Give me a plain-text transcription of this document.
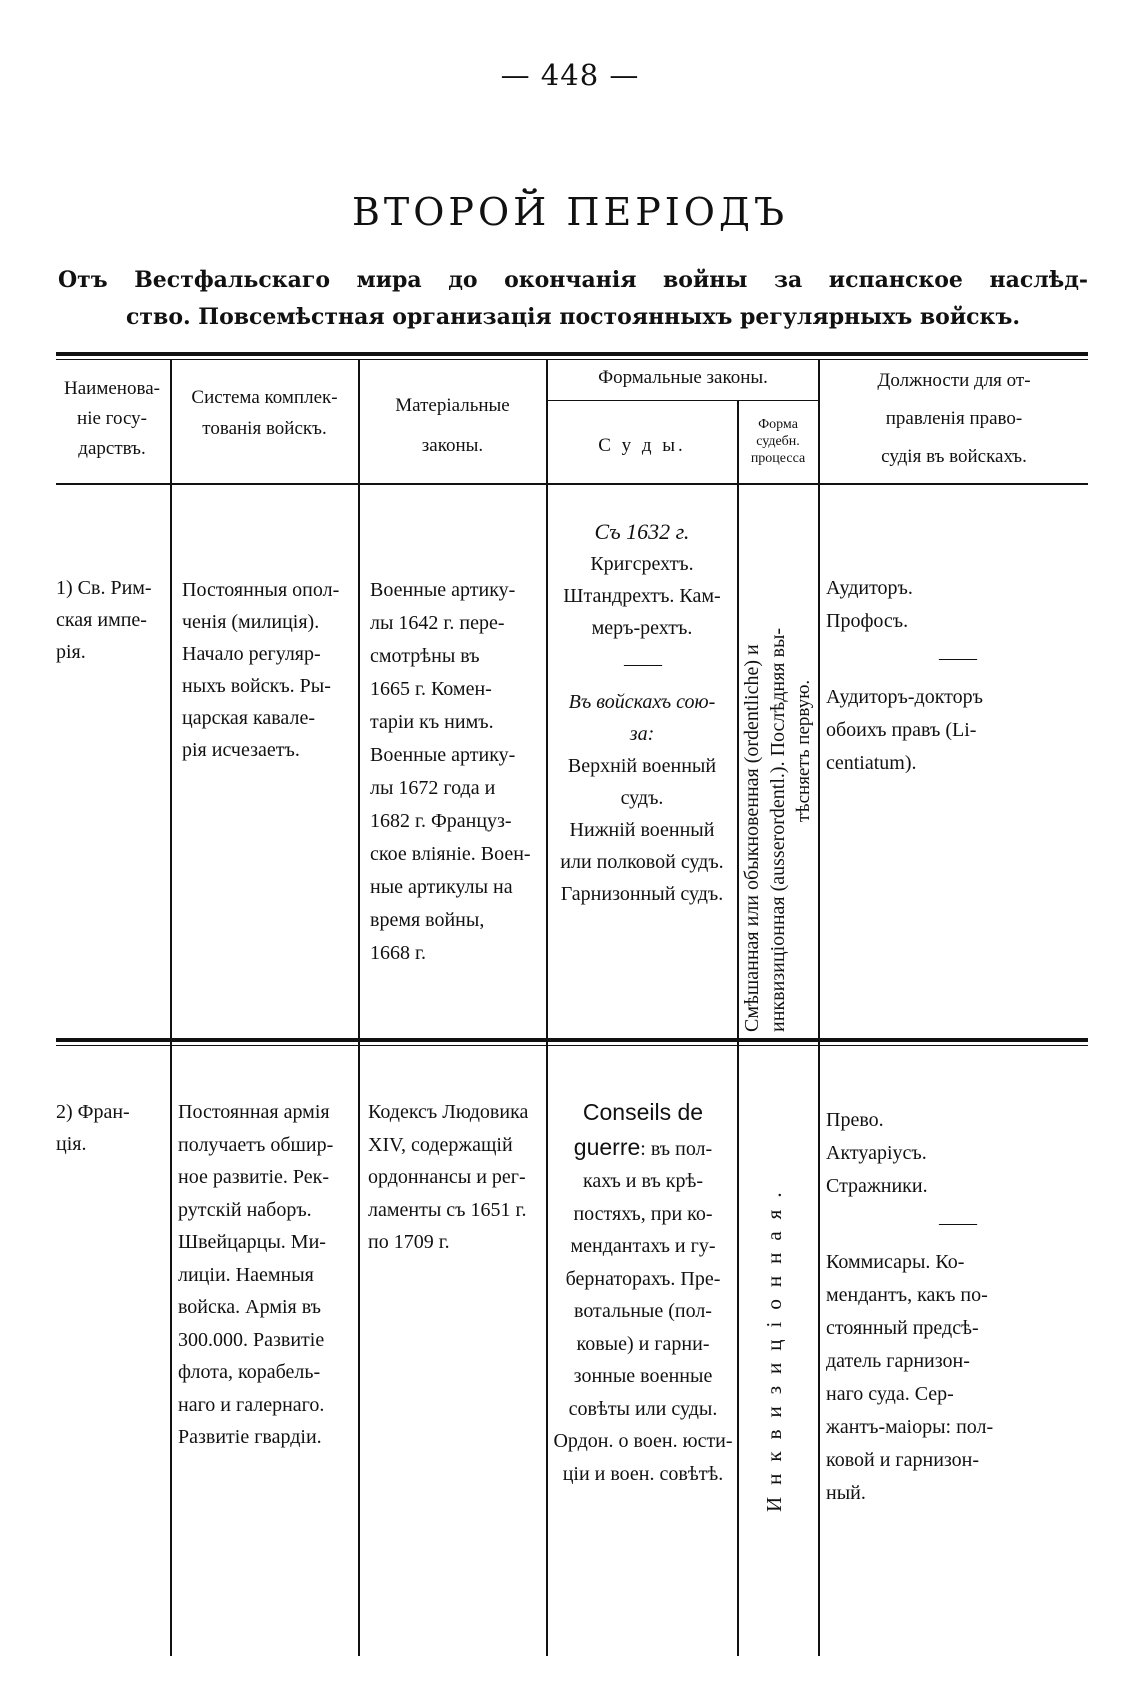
— 448 —
ВТОРОЙ ПЕРІОДЪ
Отъ Вестфальскаго мира до окончанія войны за испанское наслѣд-
ство. Повсемѣстная организація постоянныхъ регулярныхъ войскъ.
Наименова-
ніе госу-
дарствъ.
Система комплек-
тованія войскъ.
Матеріальные
законы.
Формальные законы.
С у д ы.
Форма
судебн.
процесса
Должности для от-
правленія право-
судія въ войскахъ.
1) Св. Рим-
ская импе-
рія.
Постоянныя опол-
ченія (милиція).
Начало регуляр-
ныхъ войскъ. Ры-
царская кавале-
рія исчезаетъ.
Военные артику-
лы 1642 г. пере-
смотрѣны въ
1665 г. Комен-
таріи къ нимъ.
Военные артику-
лы 1672 года и
1682 г. Француз-
ское вліяніе. Воен-
ные артикулы на
время войны,
1668 г.
Съ 1632 г.
Кригсрехтъ.
Штандрехтъ. Кам-
меръ-рехтъ.
——
Въ войскахъ сою-
за:
Верхній военный
судъ.
Нижній военный
или полковой судъ.
Гарнизонный судъ. Смѣшанная или обыкновенная (ordentliche) и инквизиціонная (ausserordentl.). Послѣдняя вы- тѣсняетъ первую.
Аудиторъ.
Профосъ.
——
Аудиторъ-докторъ
обоихъ правъ (Li-
centiatum).
2) Фран-
ція.
Постоянная армія
получаетъ обшир-
ное развитіе. Рек-
рутскій наборъ.
Швейцарцы. Ми-
лиціи. Наемныя
войска. Армія въ
300.000. Развитіе
флота, корабель-
наго и галернаго.
Развитіе гвардіи.
Кодексъ Людовика
XIV, содержащій
ордоннансы и рег-
ламенты съ 1651 г.
по 1709 г.
Conseils de
guerre: въ пол-
кахъ и въ крѣ-
постяхъ, при ко-
мендантахъ и гу-
бернаторахъ. Пре-
вотальные (пол-
ковые) и гарни-
зонные военные
совѣты или суды.
Ордон. о воен. юсти-
ціи и воен. совѣтѣ.	Инквизиціонная.
Прево.
Актуаріусъ.
Стражники.
——
Коммисары. Ко-
мендантъ, какъ по-
стоянный предсѣ-
датель гарнизон-
наго суда. Сер-
жантъ-маіоры: пол-
ковой и гарнизон-
ный.
